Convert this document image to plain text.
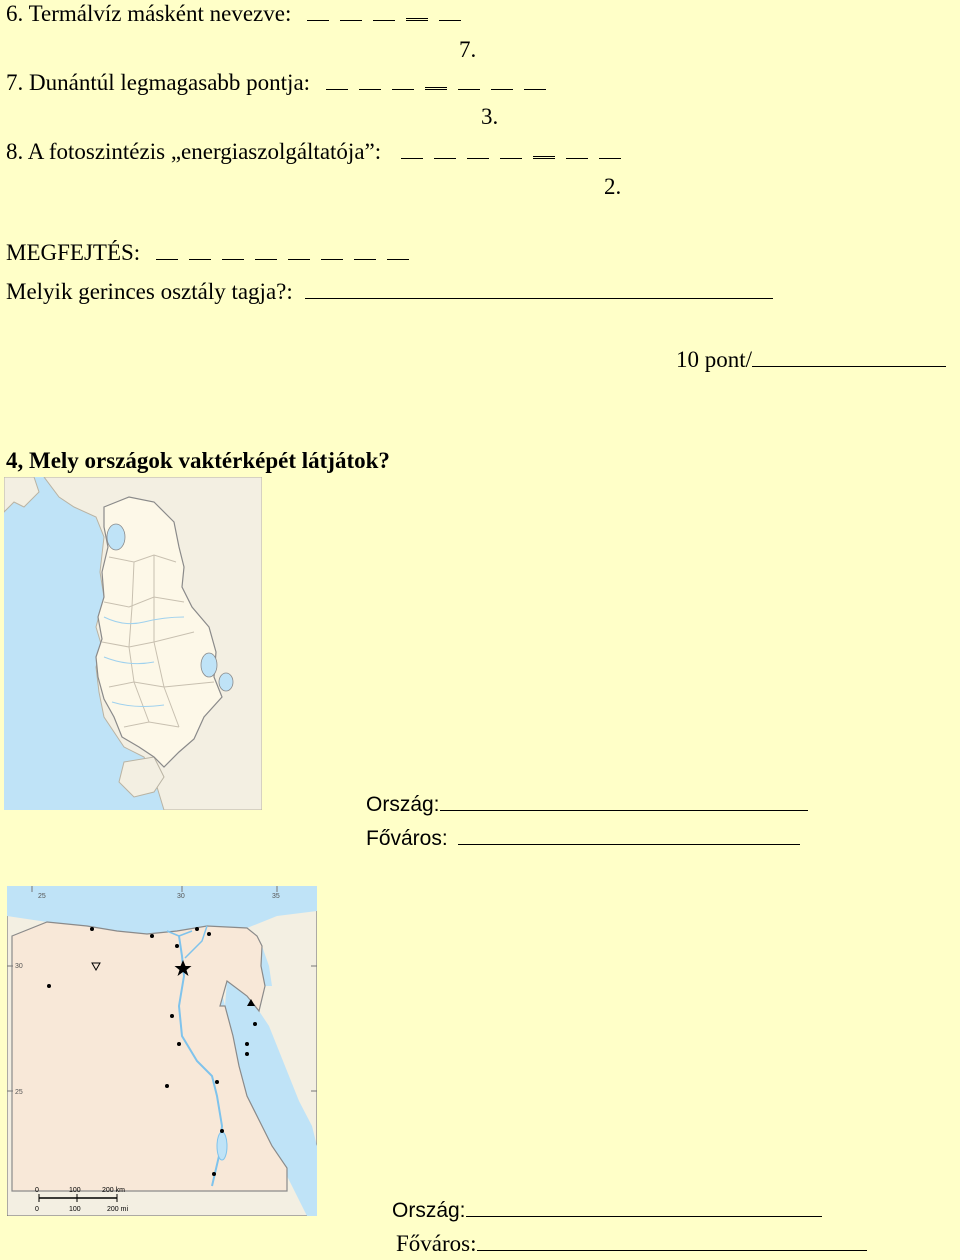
6. Termálvíz másként nevezve:
7.
7. Dunántúl legmagasabb pontja:
3.
8. A fotoszintézis „energiaszolgáltatója”:
2.
MEGFEJTÉS:
Melyik gerinces osztály tagja?:
10 pont/
4, Mely országok vaktérképét látjátok?
Ország:
Főváros:
25	30	35
30
25
0	100	200 km
0	100	200 mi	Ország:
Főváros:
